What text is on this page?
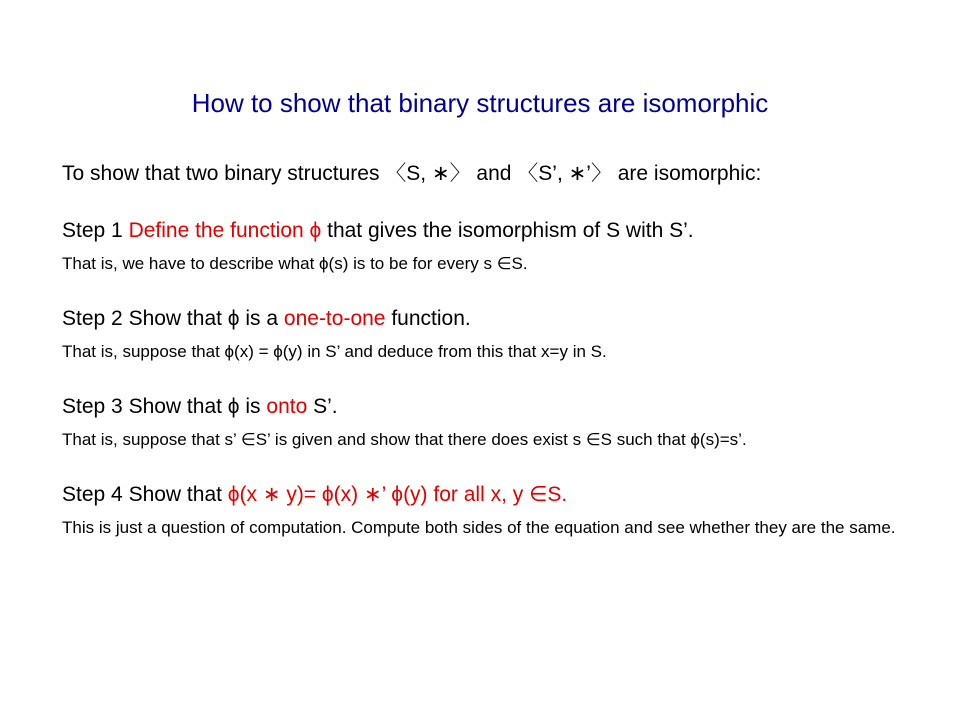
How to show that binary structures are isomorphic
To show that two binary structures 〈S, ∗〉 and 〈S’, ∗’〉 are isomorphic:
Step 1 Define the function ϕ that gives the isomorphism of S with S’.
That is, we have to describe what ϕ(s) is to be for every s ∈S.
Step 2 Show that ϕ is a one-to-one function.
That is, suppose that ϕ(x) = ϕ(y) in S’ and deduce from this that x=y in S.
Step 3 Show that ϕ is onto S’.
That is, suppose that s’ ∈S’ is given and show that there does exist s ∈S such that ϕ(s)=s’.
Step 4 Show that ϕ(x ∗ y)= ϕ(x) ∗’ ϕ(y) for all x, y ∈S.
This is just a question of computation. Compute both sides of the equation and see whether they are the same.
